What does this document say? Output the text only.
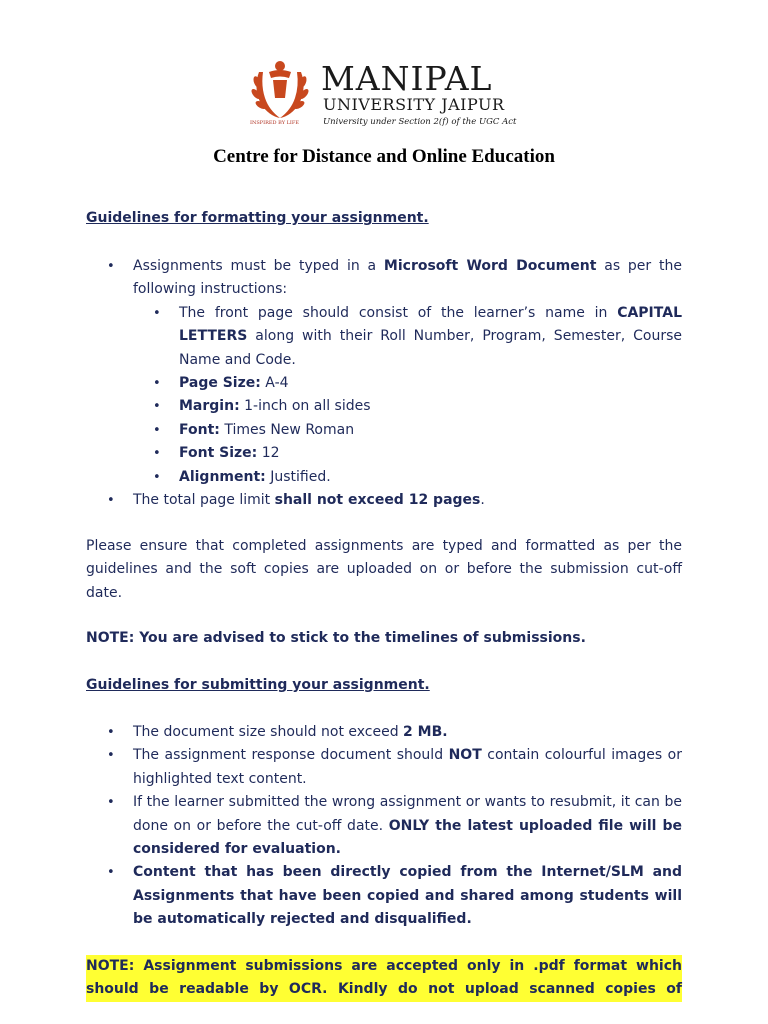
MANIPAL
UNIVERSITY JAIPUR
University under Section 2(f) of the UGC Act
INSPIRED BY LIFE
Centre for Distance and Online Education
Guidelines for formatting your assignment.
• Assignments must be typed in a Microsoft Word Document as per the following instructions:
• The front page should consist of the learner’s name in CAPITAL LETTERS along with their Roll Number, Program, Semester, Course Name and Code.
• Page Size: A-4
• Margin: 1-inch on all sides
• Font: Times New Roman
• Font Size: 12
• Alignment: Justified.
• The total page limit shall not exceed 12 pages.
Please ensure that completed assignments are typed and formatted as per the guidelines and the soft copies are uploaded on or before the submission cut-off date.
NOTE: You are advised to stick to the timelines of submissions.
Guidelines for submitting your assignment.
• The document size should not exceed 2 MB.
• The assignment response document should NOT contain colourful images or highlighted text content.
• If the learner submitted the wrong assignment or wants to resubmit, it can be done on or before the cut-off date. ONLY the latest uploaded file will be considered for evaluation.
• Content that has been directly copied from the Internet/SLM and Assignments that have been copied and shared among students will be automatically rejected and disqualified.
NOTE: Assignment submissions are accepted only in .pdf format which
should be readable by OCR. Kindly do not upload scanned copies of
